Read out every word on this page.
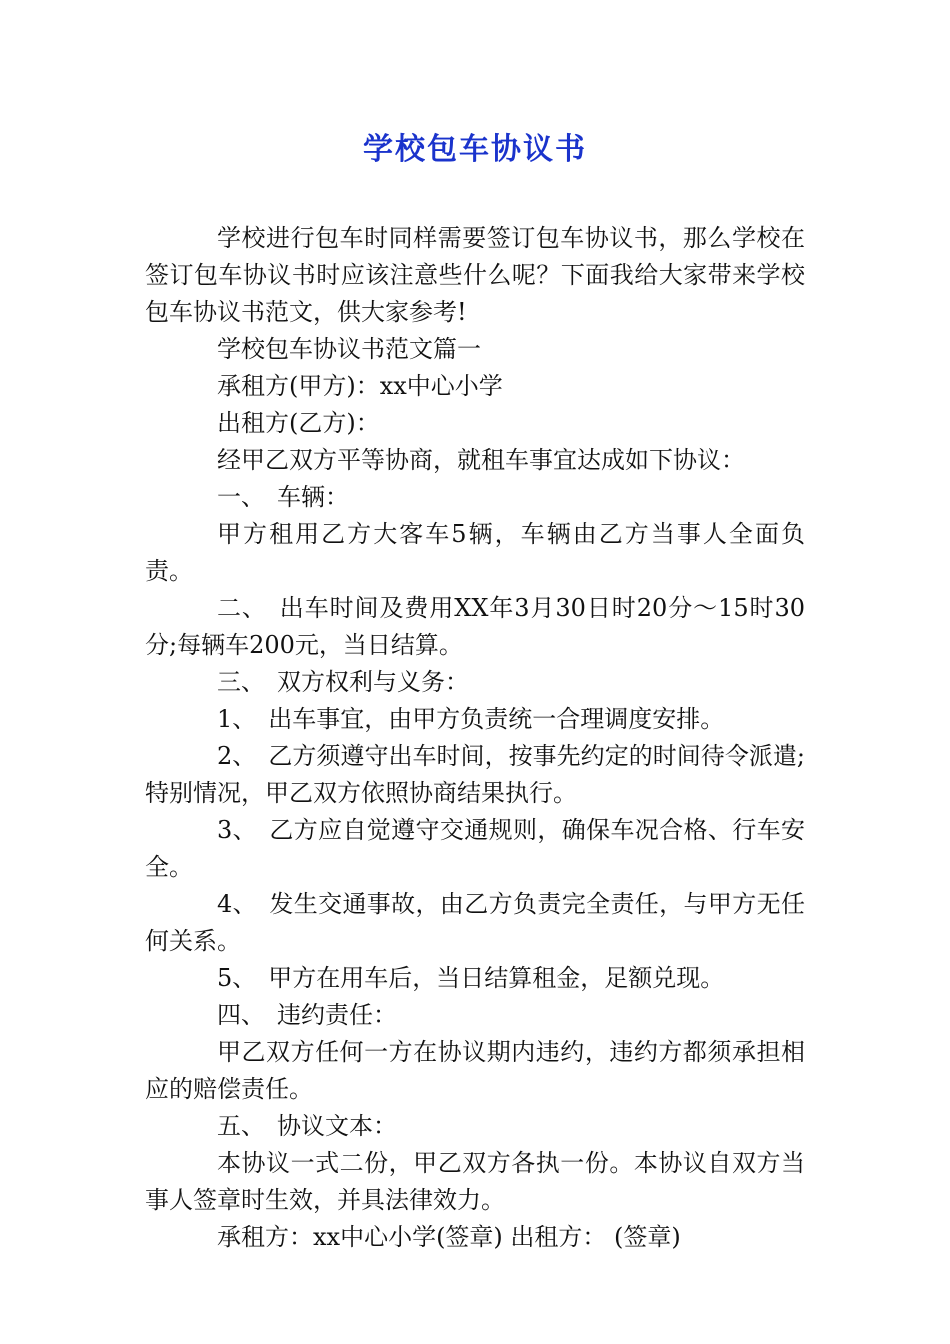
学校包车协议书

学校进行包车时同样需要签订包车协议书，那么学校在签订包车协议书时应该注意些什么呢？下面我给大家带来学校包车协议书范文，供大家参考!

学校包车协议书范文篇一

承租方(甲方)：xx中心小学

出租方(乙方)：

经甲乙双方平等协商，就租车事宜达成如下协议：

一、　车辆：

甲方租用乙方大客车5辆，车辆由乙方当事人全面负责。

二、　出车时间及费用XX年3月30日时20分～15时30分;每辆车200元，当日结算。

三、　双方权利与义务：

1、　出车事宜，由甲方负责统一合理调度安排。

2、　乙方须遵守出车时间，按事先约定的时间待令派遣;特别情况，甲乙双方依照协商结果执行。

3、　乙方应自觉遵守交通规则，确保车况合格、行车安全。

4、　发生交通事故，由乙方负责完全责任，与甲方无任何关系。

5、　甲方在用车后，当日结算租金，足额兑现。

四、　违约责任：

甲乙双方任何一方在协议期内违约，违约方都须承担相应的赔偿责任。

五、　协议文本：

本协议一式二份，甲乙双方各执一份。本协议自双方当事人签章时生效，并具法律效力。

承租方：xx中心小学(签章) 出租方： (签章)
